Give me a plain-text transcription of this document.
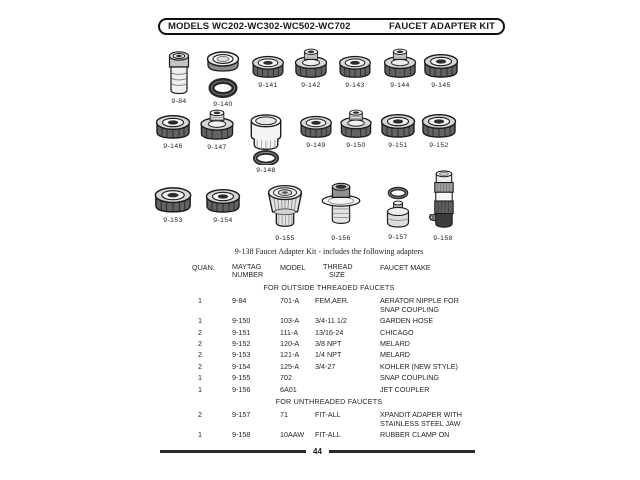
MODELS WC202-WC302-WC502-WC702	FAUCET ADAPTER KIT
9-84	9-140
9-141	9-142	9-143	9-144	9-145
9-146	9-147
9-148
9-149	9-150	9-151	9-152
9-153	9-154
9-155	9-156	9-157	9-158
9-138 Faucet Adapter Kit - includes the following adapters
QUAN.	MAYTAG
NUMBER
	MODEL	THREAD
SIZE
	FAUCET MAKE
FOR OUTSIDE THREADED FAUCETS				
1	9-84	701-A	FEM,AER.	AERATOR NIPPLE FOR SNAP COUPLING
1	9-150	103-A	3/4-11 1/2	GARDEN HOSE
2	9-151	111-A	13/16-24	CHICAGO
2	9-152	120-A	3/8 NPT	MELARD
2	9-153	121-A	1/4 NPT	MELARD
2	9-154	125-A	3/4-27	KOHLER (NEW STYLE)
1	9-155	702		SNAP COUPLING
1	9-156	6A01		JET COUPLER
FOR UNTHREADED FAUCETS				
2	9-157	71	FIT-ALL	XPANDIT ADAPER WITH STAINLESS STEEL JAW
1	9-158	10AAW	FIT-ALL	RUBBER CLAMP ON
44
